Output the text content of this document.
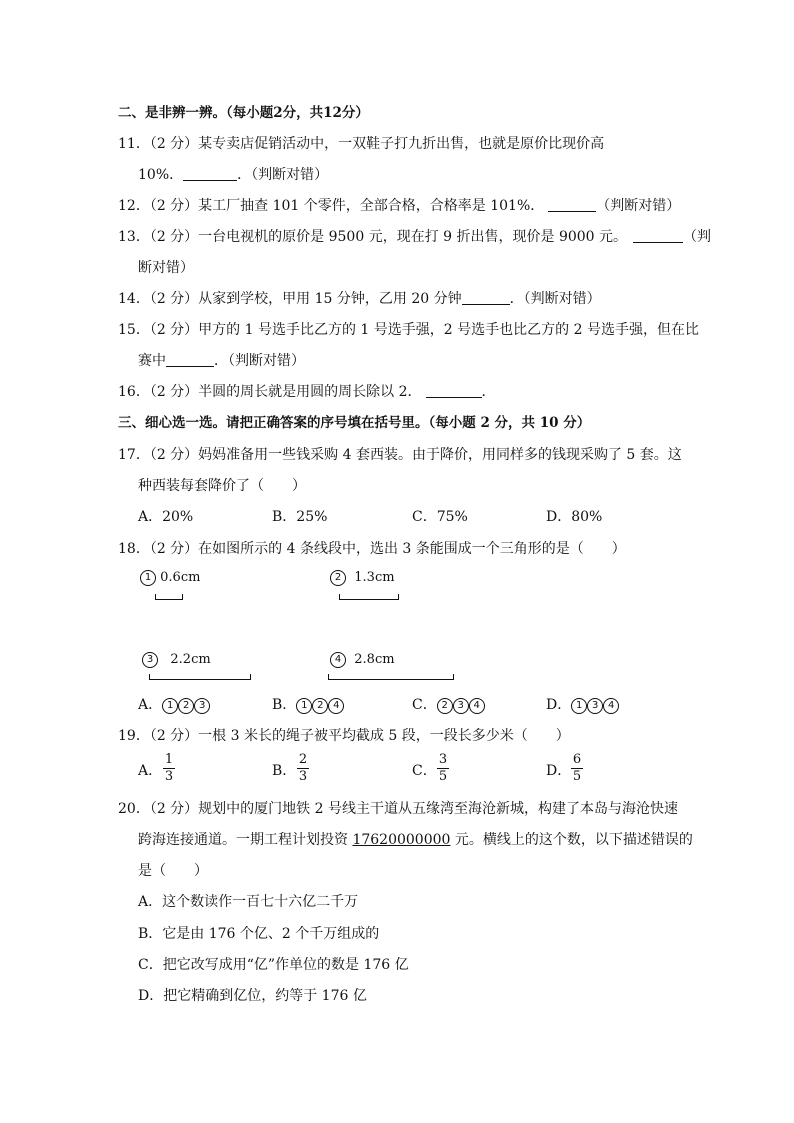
二、是非辨一辨。（每小题2分，共12分）
11．（2 分）某专卖店促销活动中，一双鞋子打九折出售，也就是原价比现价高
10%．	．（判断对错）
12．（2 分）某工厂抽查 101 个零件，全部合格，合格率是 101%．	（判断对错）
13．（2 分）一台电视机的原价是 9500 元，现在打 9 折出售，现价是 9000 元。	（判
断对错）
14．（2 分）从家到学校，甲用 15 分钟，乙用 20 分钟	．（判断对错）
15．（2 分）甲方的 1 号选手比乙方的 1 号选手强，2 号选手也比乙方的 2 号选手强，但在比
赛中	．（判断对错）
16．（2 分）半圆的周长就是用圆的周长除以 2．	．
三、细心选一选。请把正确答案的序号填在括号里。（每小题 2 分，共 10 分）
17．（2 分）妈妈准备用一些钱采购 4 套西装。由于降价，用同样多的钱现采购了 5 套。这
种西装每套降价了（　　）
A．20%	B．25%	C．75%	D．80%
18．（2 分）在如图所示的 4 条线段中，选出 3 条能围成一个三角形的是（　　）
1 0.6cm	2 1.3cm
3 2.2cm	4 2.8cm
A． 1 2 3	B． 1 2 4	C． 2 3 4	D． 1 3 4
19．（2 分）一根 3 米长的绳子被平均截成 5 段，一段长多少米（　　）
A．
1
3	B．
2
3	C．
3
5	D．
6
5
20．（2 分）规划中的厦门地铁 2 号线主干道从五缘湾至海沧新城，构建了本岛与海沧快速
跨海连接通道。一期工程计划投资 17620000000 元。横线上的这个数，以下描述错误的
是（　　）
A．这个数读作一百七十六亿二千万
B．它是由 176 个亿、2 个千万组成的
C．把它改写成用“亿”作单位的数是 176 亿
D．把它精确到亿位，约等于 176 亿
